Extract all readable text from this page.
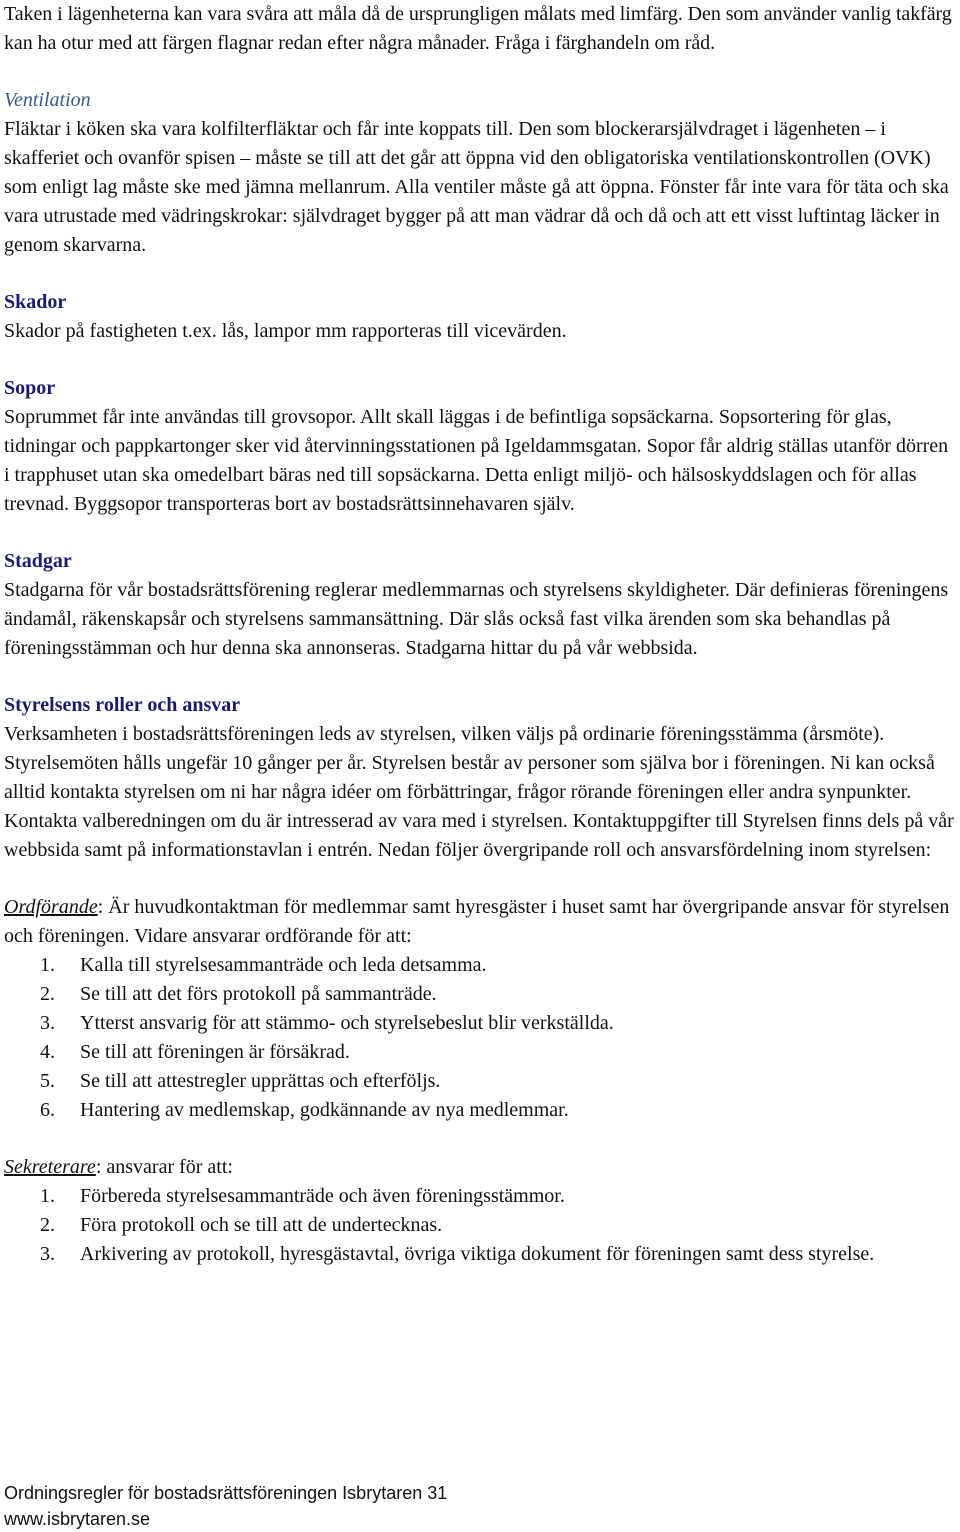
Taken i lägenheterna kan vara svåra att måla då de ursprungligen målats med limfärg. Den som använder vanlig takfärg kan ha otur med att färgen flagnar redan efter några månader. Fråga i färghandeln om råd.

Ventilation

Fläktar i köken ska vara kolfilterfläktar och får inte koppats till. Den som blockerarsjälvdraget i lägenheten – i skafferiet och ovanför spisen – måste se till att det går att öppna vid den obligatoriska ventilationskontrollen (OVK) som enligt lag måste ske med jämna mellanrum. Alla ventiler måste gå att öppna. Fönster får inte vara för täta och ska vara utrustade med vädringskrokar: självdraget bygger på att man vädrar då och då och att ett visst luftintag läcker in genom skarvarna.

Skador

Skador på fastigheten t.ex. lås, lampor mm rapporteras till vicevärden.

Sopor

Soprummet får inte användas till grovsopor. Allt skall läggas i de befintliga sopsäckarna. Sopsortering för glas, tidningar och pappkartonger sker vid återvinningsstationen på Igeldammsgatan. Sopor får aldrig ställas utanför dörren i trapphuset utan ska omedelbart bäras ned till sopsäckarna. Detta enligt miljö- och hälsoskyddslagen och för allas trevnad. Byggsopor transporteras bort av bostadsrättsinnehavaren själv.

Stadgar

Stadgarna för vår bostadsrättsförening reglerar medlemmarnas och styrelsens skyldigheter. Där definieras föreningens ändamål, räkenskapsår och styrelsens sammansättning. Där slås också fast vilka ärenden som ska behandlas på föreningsstämman och hur denna ska annonseras. Stadgarna hittar du på vår webbsida.

Styrelsens roller och ansvar

Verksamheten i bostadsrättsföreningen leds av styrelsen, vilken väljs på ordinarie föreningsstämma (årsmöte). Styrelsemöten hålls ungefär 10 gånger per år. Styrelsen består av personer som själva bor i föreningen. Ni kan också alltid kontakta styrelsen om ni har några idéer om förbättringar, frågor rörande föreningen eller andra synpunkter. Kontakta valberedningen om du är intresserad av vara med i styrelsen. Kontaktuppgifter till Styrelsen finns dels på vår webbsida samt på informationstavlan i entrén. Nedan följer övergripande roll och ansvarsfördelning inom styrelsen:

Ordförande: Är huvudkontaktman för medlemmar samt hyresgäster i huset samt har övergripande ansvar för styrelsen och föreningen. Vidare ansvarar ordförande för att:

1. Kalla till styrelsesammanträde och leda detsamma.
2. Se till att det förs protokoll på sammanträde.
3. Ytterst ansvarig för att stämmo- och styrelsebeslut blir verkställda.
4. Se till att föreningen är försäkrad.
5. Se till att attestregler upprättas och efterföljs.
6. Hantering av medlemskap, godkännande av nya medlemmar.

Sekreterare: ansvarar för att:

1. Förbereda styrelsesammanträde och även föreningsstämmor.
2. Föra protokoll och se till att de undertecknas.
3. Arkivering av protokoll, hyresgästavtal, övriga viktiga dokument för föreningen samt dess styrelse.
Ordningsregler för bostadsrättsföreningen Isbrytaren 31
www.isbrytaren.se
